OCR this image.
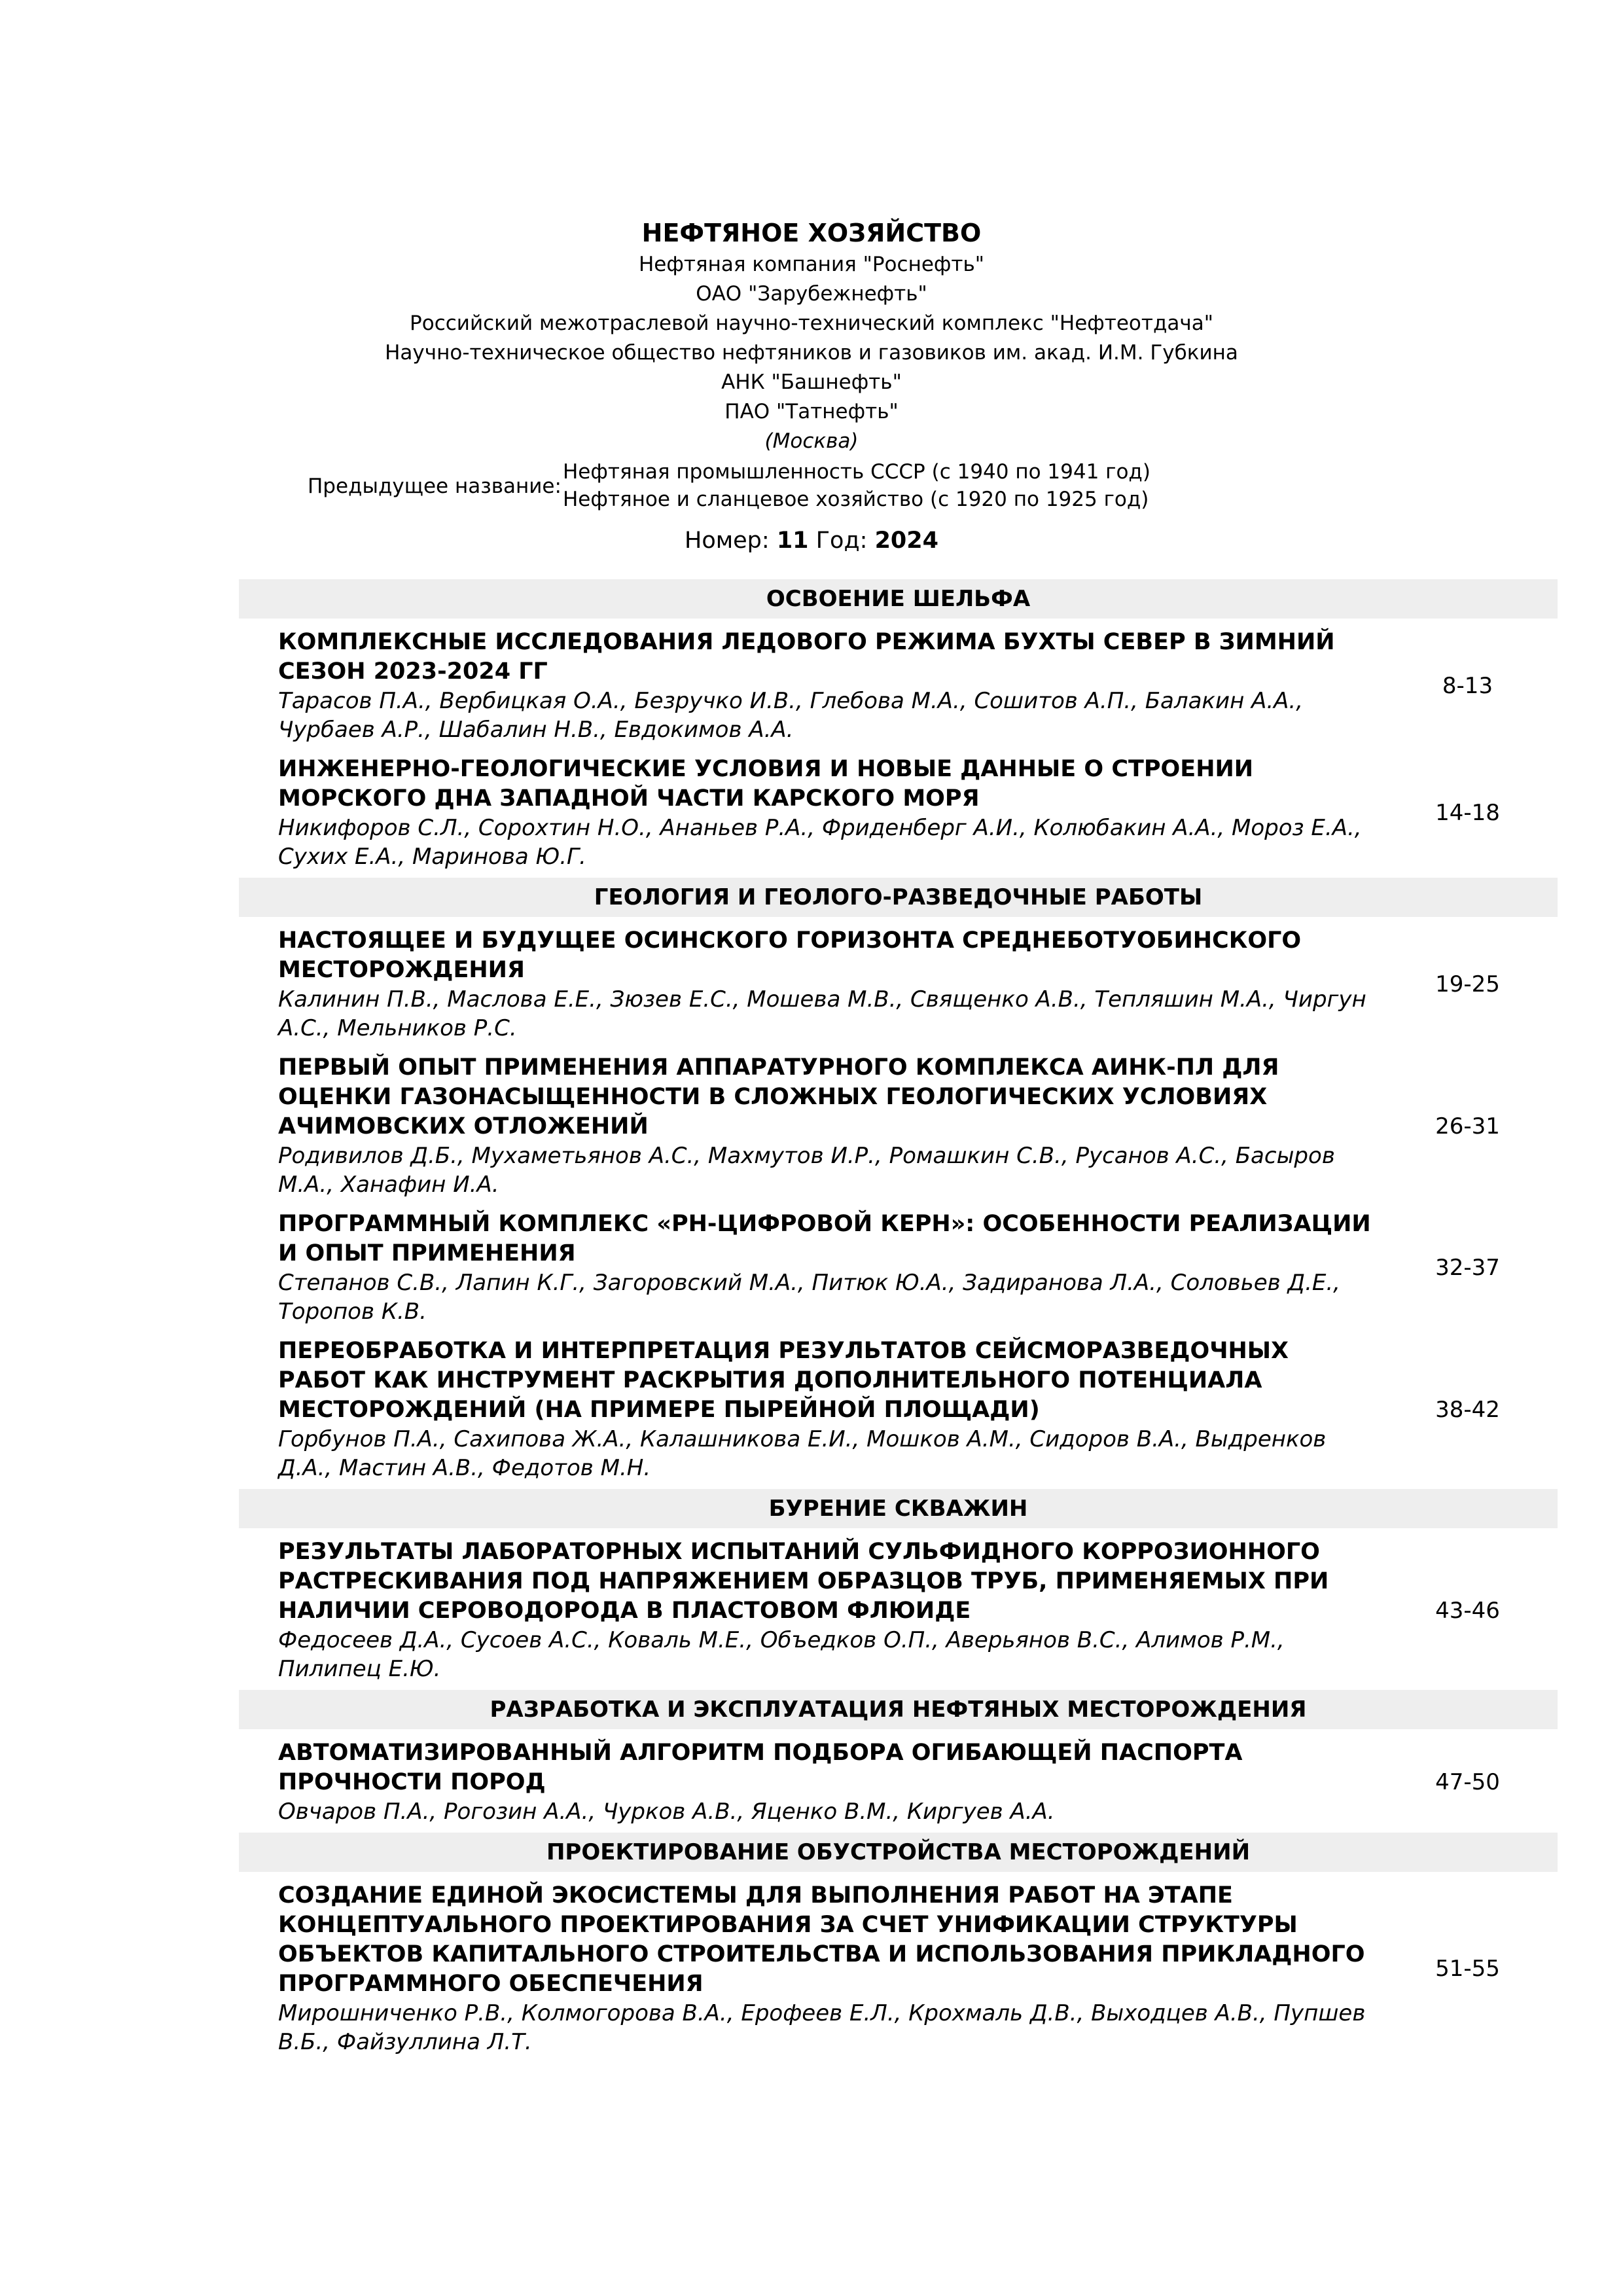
НЕФТЯНОЕ ХОЗЯЙСТВО
Нефтяная компания "Роснефть"
ОАО "Зарубежнефть"
Российский межотраслевой научно-технический комплекс "Нефтеотдача"
Научно-техническое общество нефтяников и газовиков им. акад. И.М. Губкина
АНК "Башнефть"
ПАО "Татнефть"
(Москва)
Предыдущее название:
Нефтяная промышленность СССР (с 1940 по 1941 год)
Нефтяное и сланцевое хозяйство (с 1920 по 1925 год)
Номер: 11 Год: 2024
ОСВОЕНИЕ ШЕЛЬФА
КОМПЛЕКСНЫЕ ИССЛЕДОВАНИЯ ЛЕДОВОГО РЕЖИМА БУХТЫ СЕВЕР В ЗИМНИЙ СЕЗОН 2023-2024 ГГ
Тарасов П.А., Вербицкая О.А., Безручко И.В., Глебова М.А., Сошитов А.П., Балакин А.А., Чурбаев А.Р., Шабалин Н.В., Евдокимов А.А.
8-13
ИНЖЕНЕРНО-ГЕОЛОГИЧЕСКИЕ УСЛОВИЯ И НОВЫЕ ДАННЫЕ О СТРОЕНИИ МОРСКОГО ДНА ЗАПАДНОЙ ЧАСТИ КАРСКОГО МОРЯ
Никифоров С.Л., Сорохтин Н.О., Ананьев Р.А., Фриденберг А.И., Колюбакин А.А., Мороз Е.А., Сухих Е.А., Маринова Ю.Г.
14-18
ГЕОЛОГИЯ И ГЕОЛОГО-РАЗВЕДОЧНЫЕ РАБОТЫ
НАСТОЯЩЕЕ И БУДУЩЕЕ ОСИНСКОГО ГОРИЗОНТА СРЕДНЕБОТУОБИНСКОГО МЕСТОРОЖДЕНИЯ
Калинин П.В., Маслова Е.Е., Зюзев Е.С., Мошева М.В., Священко А.В., Тепляшин М.А., Чиргун А.С., Мельников Р.С.
19-25
ПЕРВЫЙ ОПЫТ ПРИМЕНЕНИЯ АППАРАТУРНОГО КОМПЛЕКСА АИНК-ПЛ ДЛЯ ОЦЕНКИ ГАЗОНАСЫЩЕННОСТИ В СЛОЖНЫХ ГЕОЛОГИЧЕСКИХ УСЛОВИЯХ АЧИМОВСКИХ ОТЛОЖЕНИЙ
Родивилов Д.Б., Мухаметьянов А.С., Махмутов И.Р., Ромашкин С.В., Русанов А.С., Басыров М.А., Ханафин И.А.
26-31
ПРОГРАММНЫЙ КОМПЛЕКС «РН-ЦИФРОВОЙ КЕРН»: ОСОБЕННОСТИ РЕАЛИЗАЦИИ И ОПЫТ ПРИМЕНЕНИЯ
Степанов С.В., Лапин К.Г., Загоровский М.А., Питюк Ю.А., Задиранова Л.А., Соловьев Д.Е., Торопов К.В.
32-37
ПЕРЕОБРАБОТКА И ИНТЕРПРЕТАЦИЯ РЕЗУЛЬТАТОВ СЕЙСМОРАЗВЕДОЧНЫХ РАБОТ КАК ИНСТРУМЕНТ РАСКРЫТИЯ ДОПОЛНИТЕЛЬНОГО ПОТЕНЦИАЛА МЕСТОРОЖДЕНИЙ (НА ПРИМЕРЕ ПЫРЕЙНОЙ ПЛОЩАДИ)
Горбунов П.А., Сахипова Ж.А., Калашникова Е.И., Мошков А.М., Сидоров В.А., Выдренков Д.А., Мастин А.В., Федотов М.Н.
38-42
БУРЕНИЕ СКВАЖИН
РЕЗУЛЬТАТЫ ЛАБОРАТОРНЫХ ИСПЫТАНИЙ СУЛЬФИДНОГО КОРРОЗИОННОГО РАСТРЕСКИВАНИЯ ПОД НАПРЯЖЕНИЕМ ОБРАЗЦОВ ТРУБ, ПРИМЕНЯЕМЫХ ПРИ НАЛИЧИИ СЕРОВОДОРОДА В ПЛАСТОВОМ ФЛЮИДЕ
Федосеев Д.А., Сусоев А.С., Коваль М.Е., Объедков О.П., Аверьянов В.С., Алимов Р.М., Пилипец Е.Ю.
43-46
РАЗРАБОТКА И ЭКСПЛУАТАЦИЯ НЕФТЯНЫХ МЕСТОРОЖДЕНИЯ
АВТОМАТИЗИРОВАННЫЙ АЛГОРИТМ ПОДБОРА ОГИБАЮЩЕЙ ПАСПОРТА ПРОЧНОСТИ ПОРОД
Овчаров П.А., Рогозин А.А., Чурков А.В., Яценко В.М., Киргуев А.А.
47-50
ПРОЕКТИРОВАНИЕ ОБУСТРОЙСТВА МЕСТОРОЖДЕНИЙ
СОЗДАНИЕ ЕДИНОЙ ЭКОСИСТЕМЫ ДЛЯ ВЫПОЛНЕНИЯ РАБОТ НА ЭТАПЕ КОНЦЕПТУАЛЬНОГО ПРОЕКТИРОВАНИЯ ЗА СЧЕТ УНИФИКАЦИИ СТРУКТУРЫ ОБЪЕКТОВ КАПИТАЛЬНОГО СТРОИТЕЛЬСТВА И ИСПОЛЬЗОВАНИЯ ПРИКЛАДНОГО ПРОГРАММНОГО ОБЕСПЕЧЕНИЯ
Мирошниченко Р.В., Колмогорова В.А., Ерофеев Е.Л., Крохмаль Д.В., Выходцев А.В., Пупшев В.Б., Файзуллина Л.Т.
51-55
